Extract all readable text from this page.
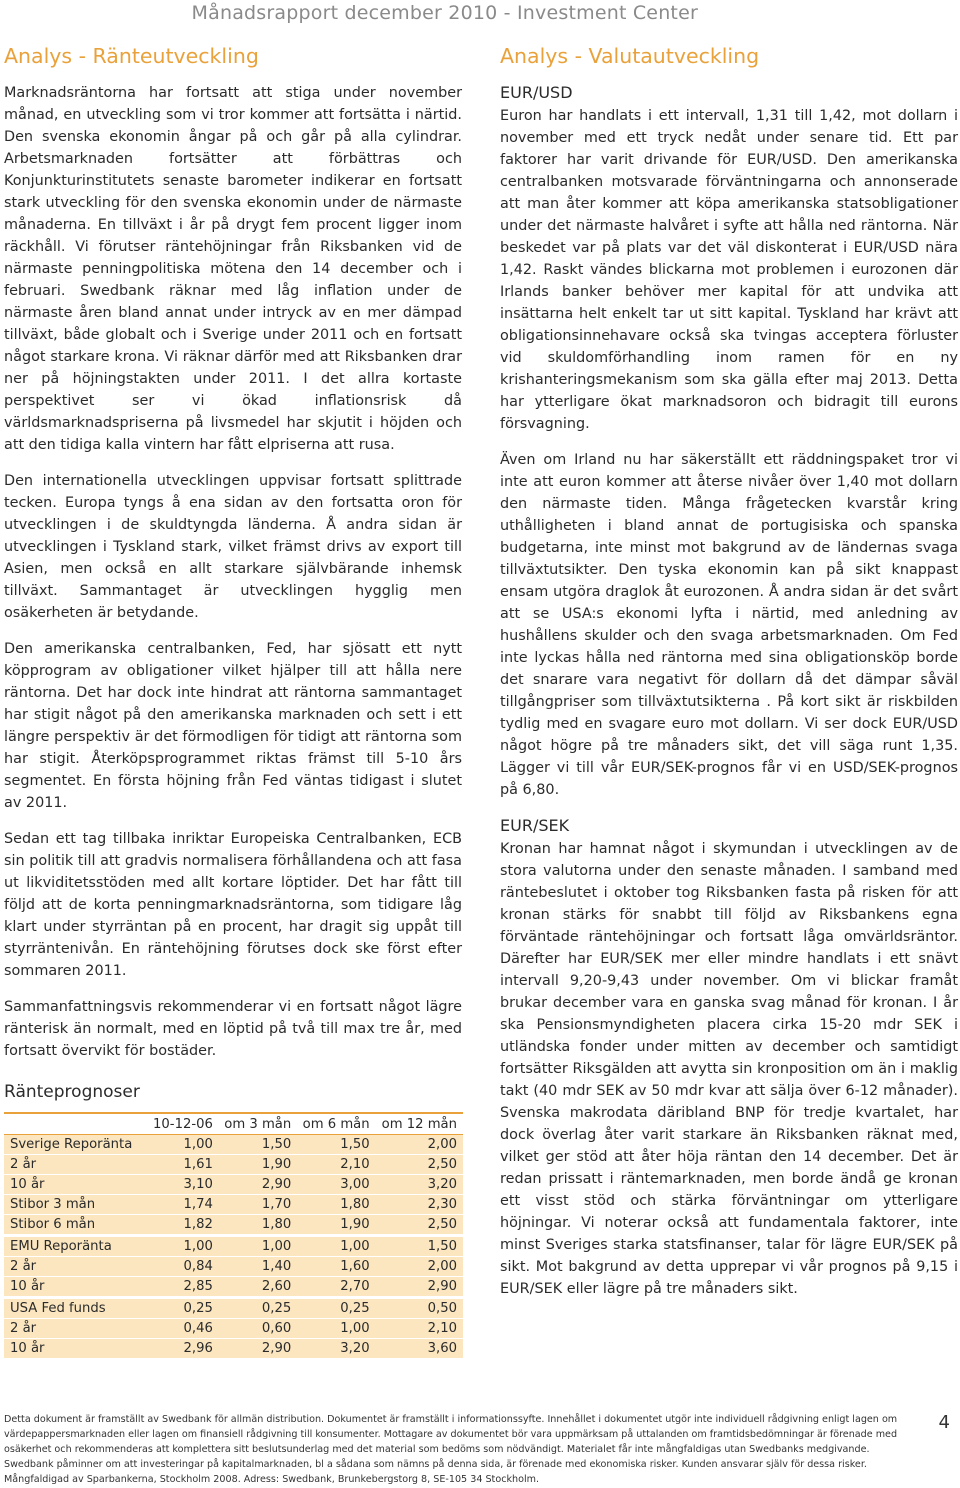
Månadsrapport december 2010 - Investment Center
Analys - Ränteutveckling

Marknadsräntorna har fortsatt att stiga under november månad, en utveckling som vi tror kommer att fortsätta i närtid. Den svenska ekonomin ångar på och går på alla cylindrar. Arbetsmarknaden fortsätter att förbättras och Konjunkturinstitutets senaste barometer indikerar en fortsatt stark utveckling för den svenska ekonomin under de närmaste månaderna. En tillväxt i år på drygt fem procent ligger inom räckhåll. Vi förutser räntehöjningar från Riksbanken vid de närmaste penningpolitiska mötena den 14 december och i februari. Swedbank räknar med låg inflation under de närmaste åren bland annat under intryck av en mer dämpad tillväxt, både globalt och i Sverige under 2011 och en fortsatt något starkare krona. Vi räknar därför med att Riksbanken drar ner på höjningstakten under 2011. I det allra kortaste perspektivet ser vi ökad inflationsrisk då världsmarknadspriserna på livsmedel har skjutit i höjden och att den tidiga kalla vintern har fått elpriserna att rusa.

Den internationella utvecklingen uppvisar fortsatt splittrade tecken. Europa tyngs å ena sidan av den fortsatta oron för utvecklingen i de skuldtyngda länderna. Å andra sidan är utvecklingen i Tyskland stark, vilket främst drivs av export till Asien, men också en allt starkare självbärande inhemsk tillväxt. Sammantaget är utvecklingen hygglig men osäkerheten är betydande.

Den amerikanska centralbanken, Fed, har sjösatt ett nytt köpprogram av obligationer vilket hjälper till att hålla nere räntorna. Det har dock inte hindrat att räntorna sammantaget har stigit något på den amerikanska marknaden och sett i ett längre perspektiv är det förmodligen för tidigt att räntorna som har stigit. Återköpsprogrammet riktas främst till 5-10 års segmentet. En första höjning från Fed väntas tidigast i slutet av 2011.

Sedan ett tag tillbaka inriktar Europeiska Centralbanken, ECB sin politik till att gradvis normalisera förhållandena och att fasa ut likviditetsstöden med allt kortare löptider. Det har fått till följd att de korta penningmarknadsräntorna, som tidigare låg klart under styrräntan på en procent, har dragit sig uppåt till styrräntenivån. En räntehöjning förutses dock ske först efter sommaren 2011.

Sammanfattningsvis rekommenderar vi en fortsatt något lägre ränterisk än normalt, med en löptid på två till max tre år, med fortsatt övervikt för bostäder.

Ränteprognoser
	10-12-06	om 3 mån	om 6 mån	om 12 mån
Sverige Reporänta	1,00	1,50	1,50	2,00
2 år	1,61	1,90	2,10	2,50
10 år	3,10	2,90	3,00	3,20
Stibor 3 mån	1,74	1,70	1,80	2,30
Stibor 6 mån	1,82	1,80	1,90	2,50

EMU Reporänta	1,00	1,00	1,00	1,50
2 år	0,84	1,40	1,60	2,00
10 år	2,85	2,60	2,70	2,90

USA Fed funds	0,25	0,25	0,25	0,50
2 år	0,46	0,60	1,00	2,10
10 år	2,96	2,90	3,20	3,60
Analys - Valutautveckling
EUR/USD

Euron har handlats i ett intervall, 1,31 till 1,42, mot dollarn i november med ett tryck nedåt under senare tid. Ett par faktorer har varit drivande för EUR/USD. Den amerikanska centralbanken motsvarade förväntningarna och annonserade att man åter kommer att köpa amerikanska statsobligationer under det närmaste halvåret i syfte att hålla ned räntorna. När beskedet var på plats var det väl diskonterat i EUR/USD nära 1,42. Raskt vändes blickarna mot problemen i eurozonen där Irlands banker behöver mer kapital för att undvika att insättarna helt enkelt tar ut sitt kapital. Tyskland har krävt att obligationsinnehavare också ska tvingas acceptera förluster vid skuldomförhandling inom ramen för en ny krishanteringsmekanism som ska gälla efter maj 2013. Detta har ytterligare ökat marknadsoron och bidragit till eurons försvagning.

Även om Irland nu har säkerställt ett räddningspaket tror vi inte att euron kommer att återse nivåer över 1,40 mot dollarn den närmaste tiden. Många frågetecken kvarstår kring uthålligheten i bland annat de portugisiska och spanska budgetarna, inte minst mot bakgrund av de ländernas svaga tillväxtutsikter. Den tyska ekonomin kan på sikt knappast ensam utgöra draglok åt eurozonen. Å andra sidan är det svårt att se USA:s ekonomi lyfta i närtid, med anledning av hushållens skulder och den svaga arbetsmarknaden. Om Fed inte lyckas hålla ned räntorna med sina obligationsköp borde det snarare vara negativt för dollarn då det dämpar såväl tillgångpriser som tillväxtutsikterna . På kort sikt är riskbilden tydlig med en svagare euro mot dollarn. Vi ser dock EUR/USD något högre på tre månaders sikt, det vill säga runt 1,35. Lägger vi till vår EUR/SEK-prognos får vi en USD/SEK-prognos på 6,80.

EUR/SEK

Kronan har hamnat något i skymundan i utvecklingen av de stora valutorna under den senaste månaden. I samband med räntebeslutet i oktober tog Riksbanken fasta på risken för att kronan stärks för snabbt till följd av Riksbankens egna förväntade räntehöjningar och fortsatt låga omvärldsräntor. Därefter har EUR/SEK mer eller mindre handlats i ett snävt intervall 9,20-9,43 under november. Om vi blickar framåt brukar december vara en ganska svag månad för kronan. I år ska Pensionsmyndigheten placera cirka 15-20 mdr SEK i utländska fonder under mitten av december och samtidigt fortsätter Riksgälden att avytta sin kronposition om än i maklig takt (40 mdr SEK av 50 mdr kvar att sälja över 6-12 månader). Svenska makrodata däribland BNP för tredje kvartalet, har dock överlag åter varit starkare än Riksbanken räknat med, vilket ger stöd att åter höja räntan den 14 december. Det är redan prissatt i räntemarknaden, men borde ändå ge kronan ett visst stöd och stärka förväntningar om ytterligare höjningar. Vi noterar också att fundamentala faktorer, inte minst Sveriges starka statsfinanser, talar för lägre EUR/SEK på sikt. Mot bakgrund av detta upprepar vi vår prognos på 9,15 i EUR/SEK eller lägre på tre månaders sikt.

Detta dokument är framställt av Swedbank för allmän distribution. Dokumentet är framställt i informationssyfte. Innehållet i dokumentet utgör inte individuell rådgivning enligt lagen om värdepappersmarknaden eller lagen om finansiell rådgivning till konsumenter. Mottagare av dokumentet bör vara uppmärksam på uttalanden om framtidsbedömningar är förenade med osäkerhet och rekommenderas att komplettera sitt beslutsunderlag med det material som bedöms som nödvändigt. Materialet får inte mångfaldigas utan Swedbanks medgivande. Swedbank påminner om att investeringar på kapitalmarknaden, bl a sådana som nämns på denna sida, är förenade med ekonomiska risker. Kunden ansvarar själv för dessa risker. Mångfaldigad av Sparbankerna, Stockholm 2008. Adress: Swedbank, Brunkebergstorg 8, SE-105 34 Stockholm.
4
